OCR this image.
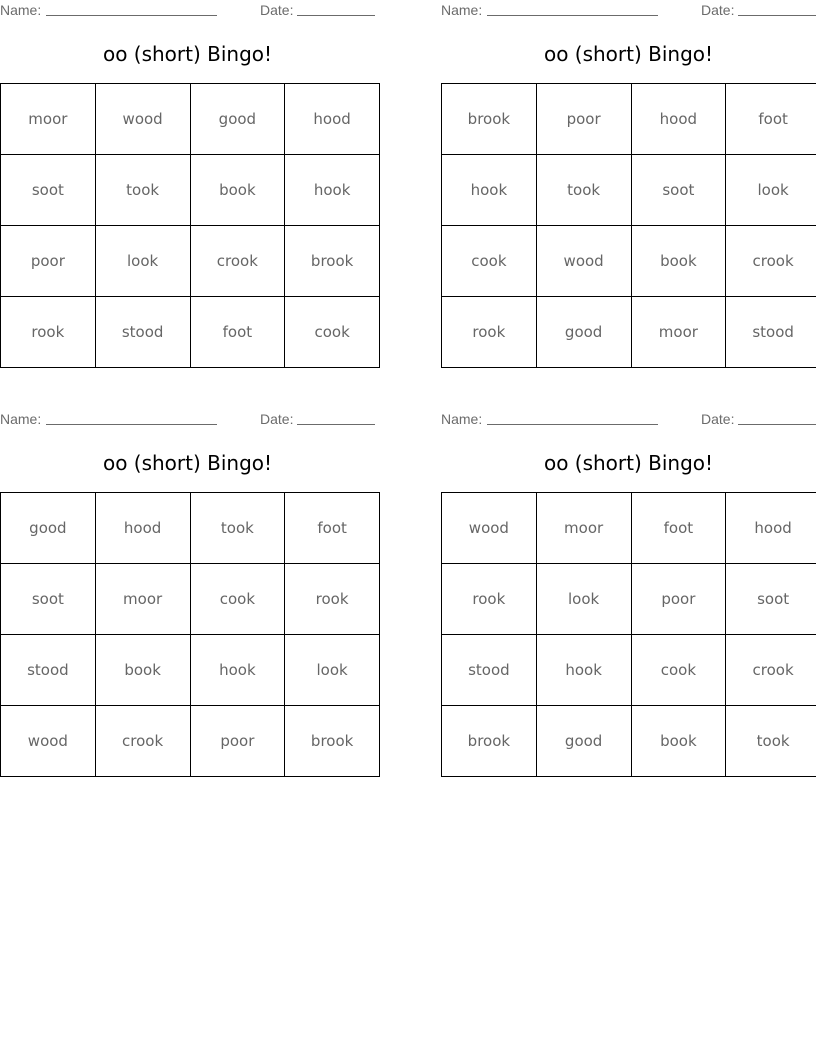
Name:	Date:
oo (short) Bingo!
moor	wood	good	hood
soot	took	book	hook
poor	look	crook	brook
rook	stood	foot	cook
Name:	Date:
oo (short) Bingo!
brook	poor	hood	foot
hook	took	soot	look
cook	wood	book	crook
rook	good	moor	stood
Name:	Date:
oo (short) Bingo!
good	hood	took	foot
soot	moor	cook	rook
stood	book	hook	look
wood	crook	poor	brook
Name:	Date:
oo (short) Bingo!
wood	moor	foot	hood
rook	look	poor	soot
stood	hook	cook	crook
brook	good	book	took
